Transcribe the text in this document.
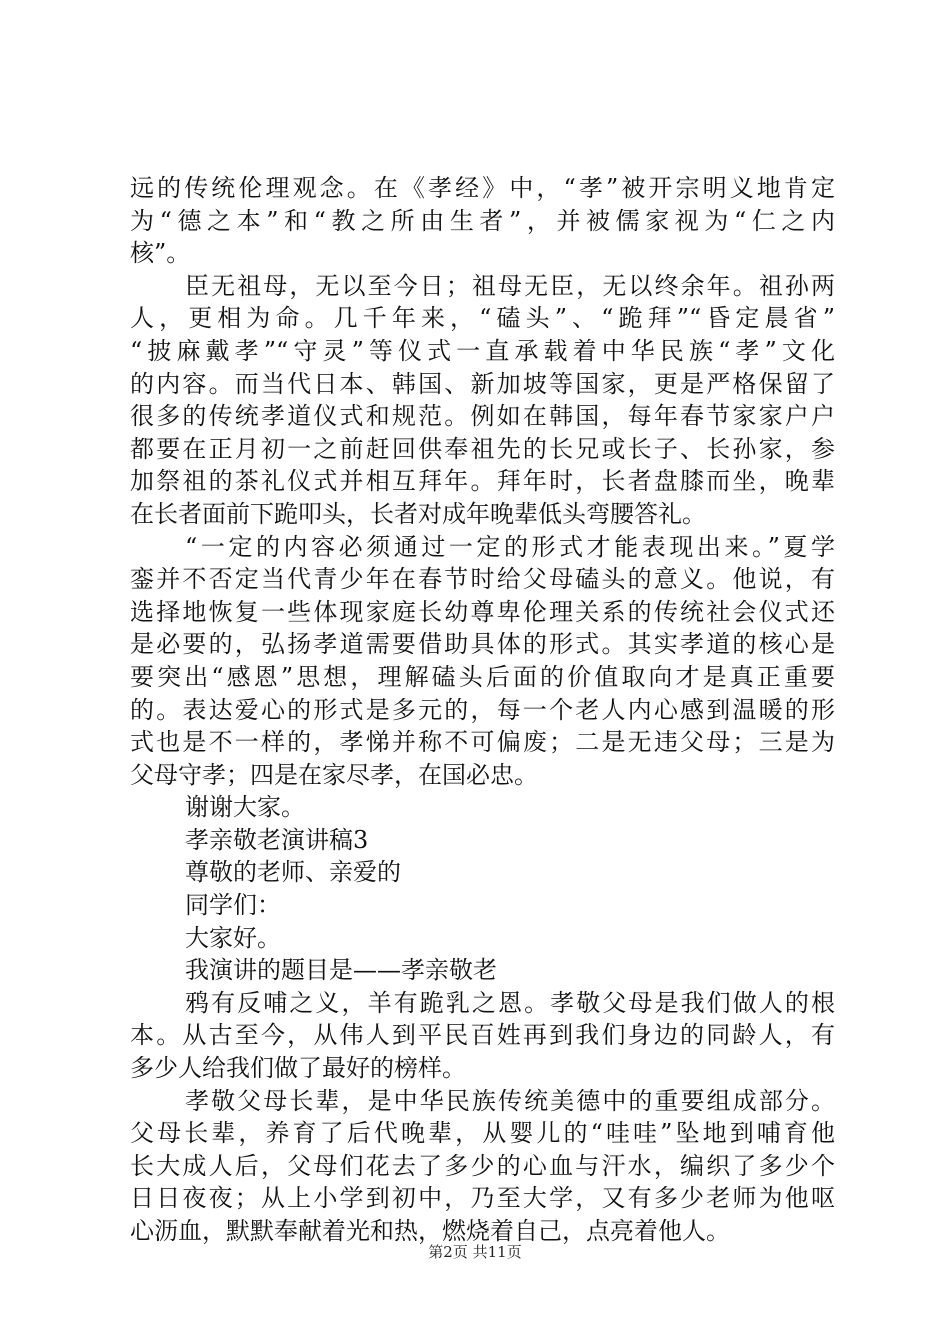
远的传统伦理观念。在《孝经》中，“孝”被开宗明义地肯定
为“德之本”和“教之所由生者”，并被儒家视为“仁之内
核”。
臣无祖母，无以至今日；祖母无臣，无以终余年。祖孙两
人，更相为命。几千年来，“磕头”、“跪拜”“昏定晨省”
“披麻戴孝”“守灵”等仪式一直承载着中华民族“孝”文化
的内容。而当代日本、韩国、新加坡等国家，更是严格保留了
很多的传统孝道仪式和规范。例如在韩国，每年春节家家户户
都要在正月初一之前赶回供奉祖先的长兄或长子、长孙家，参
加祭祖的茶礼仪式并相互拜年。拜年时，长者盘膝而坐，晚辈
在长者面前下跪叩头，长者对成年晚辈低头弯腰答礼。
“一定的内容必须通过一定的形式才能表现出来。”夏学
銮并不否定当代青少年在春节时给父母磕头的意义。他说，有
选择地恢复一些体现家庭长幼尊卑伦理关系的传统社会仪式还
是必要的，弘扬孝道需要借助具体的形式。其实孝道的核心是
要突出“感恩”思想，理解磕头后面的价值取向才是真正重要
的。表达爱心的形式是多元的，每一个老人内心感到温暖的形
式也是不一样的，孝悌并称不可偏废；二是无违父母；三是为
父母守孝；四是在家尽孝，在国必忠。
谢谢大家。
孝亲敬老演讲稿3
尊敬的老师、亲爱的
同学们：
大家好。
我演讲的题目是——孝亲敬老
鸦有反哺之义，羊有跪乳之恩。孝敬父母是我们做人的根
本。从古至今，从伟人到平民百姓再到我们身边的同龄人，有
多少人给我们做了最好的榜样。
孝敬父母长辈，是中华民族传统美德中的重要组成部分。
父母长辈，养育了后代晚辈，从婴儿的“哇哇”坠地到哺育他
长大成人后，父母们花去了多少的心血与汗水，编织了多少个
日日夜夜；从上小学到初中，乃至大学，又有多少老师为他呕
心沥血，默默奉献着光和热，燃烧着自己，点亮着他人。
第2页 共11页
